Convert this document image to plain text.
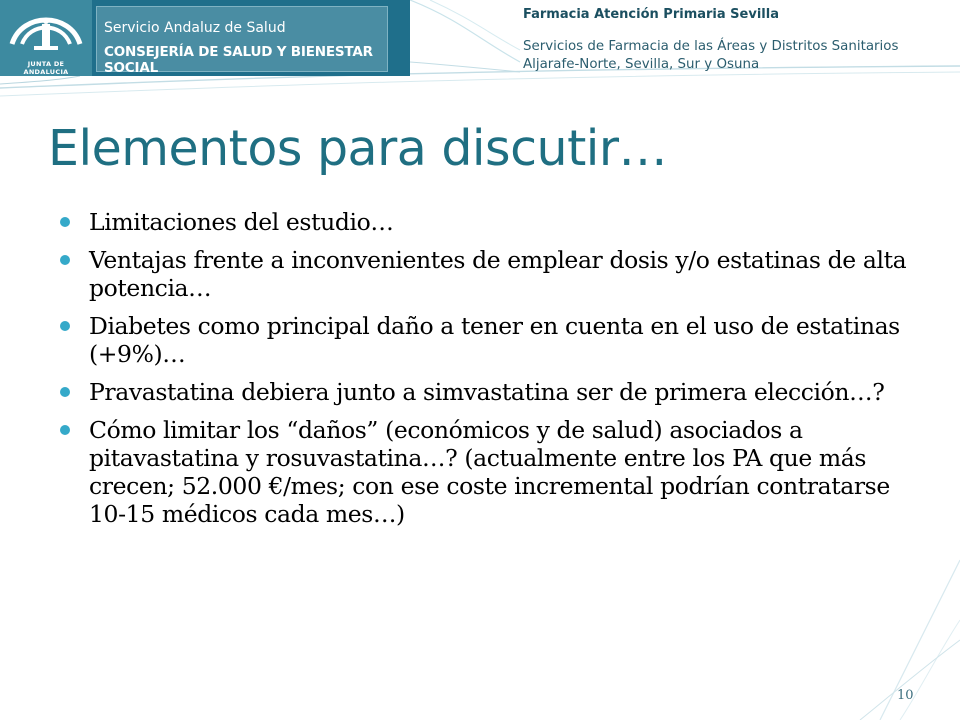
JUNTA DE ANDALUCIA
Servicio Andaluz de Salud
CONSEJERÍA DE SALUD Y BIENESTAR SOCIAL
Farmacia Atención Primaria Sevilla
Servicios de Farmacia de las Áreas y Distritos Sanitarios
Aljarafe-Norte, Sevilla, Sur y Osuna
Elementos para discutir…
Limitaciones del estudio…
Ventajas frente a inconvenientes de emplear dosis y/o estatinas de alta potencia…
Diabetes como principal daño a tener en cuenta en el uso de estatinas (+9%)…
Pravastatina debiera junto a simvastatina ser de primera elección…?
Cómo limitar los “daños” (económicos y de salud) asociados a pitavastatina y rosuvastatina…? (actualmente entre los PA que más crecen; 52.000 €/mes; con ese coste incremental podrían contratarse 10-15 médicos cada mes…)
10
